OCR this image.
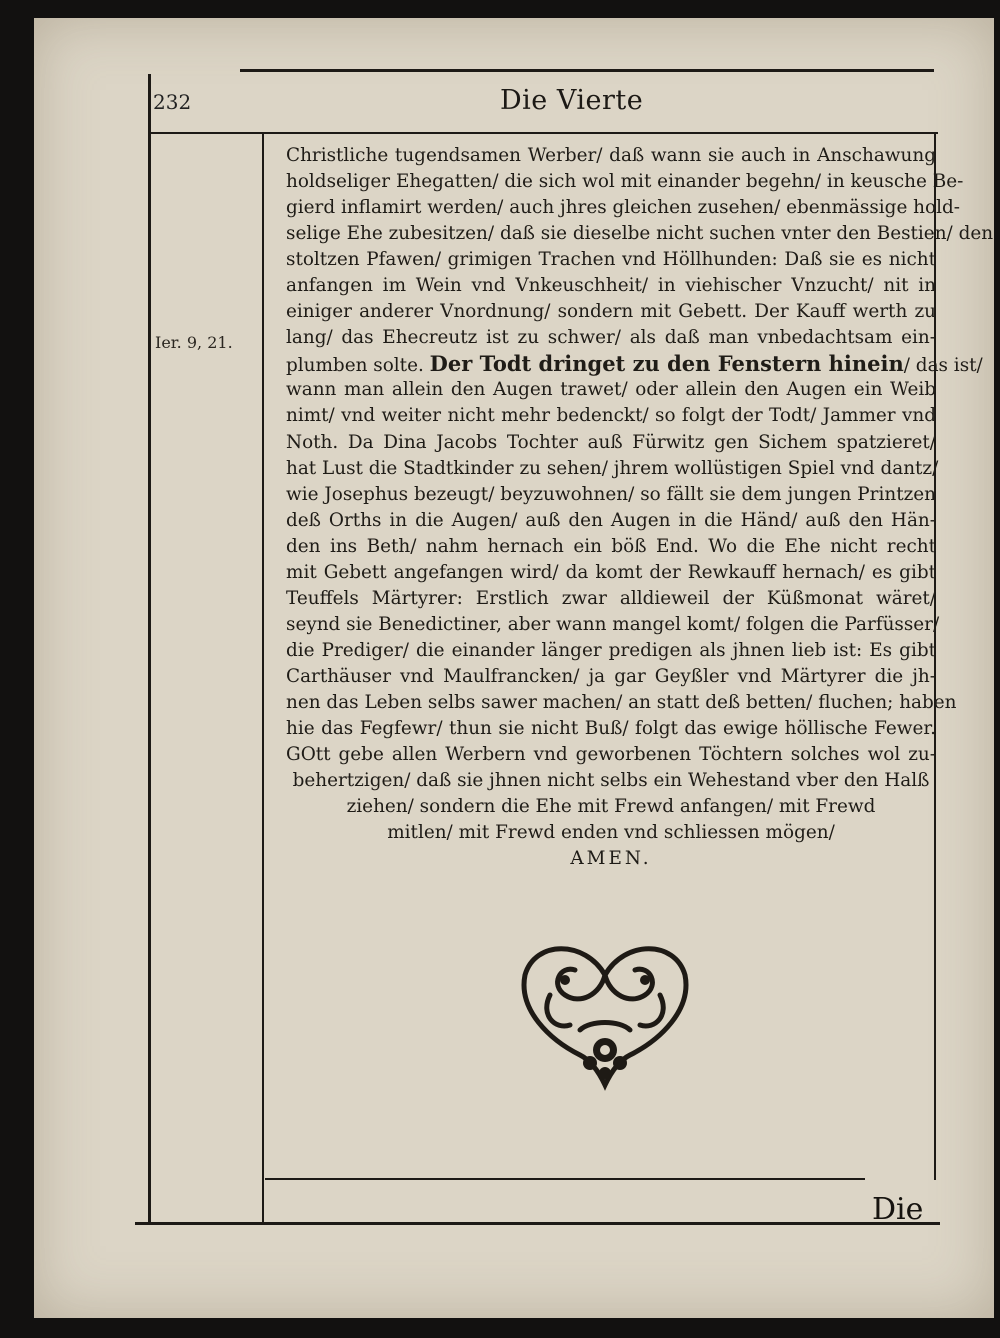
232	Die Vierte
Ier. 9, 21.
Christliche tugendsamen Werber/ daß wann sie auch in Anschawung
holdseliger Ehegatten/ die sich wol mit einander begehn/ in keusche Be-
gierd inflamirt werden/ auch jhres gleichen zusehen/ ebenmässige hold-
selige Ehe zubesitzen/ daß sie dieselbe nicht suchen vnter den Bestien/ den
stoltzen Pfawen/ grimigen Trachen vnd Höllhunden: Daß sie es nicht
anfangen im Wein vnd Vnkeuschheit/ in viehischer Vnzucht/ nit in
einiger anderer Vnordnung/ sondern mit Gebett. Der Kauff werth zu
lang/ das Ehecreutz ist zu schwer/ als daß man vnbedachtsam ein-
plumben solte. Der Todt dringet zu den Fenstern hinein/ das ist/
wann man allein den Augen trawet/ oder allein den Augen ein Weib
nimt/ vnd weiter nicht mehr bedenckt/ so folgt der Todt/ Jammer vnd
Noth. Da Dina Jacobs Tochter auß Fürwitz gen Sichem spatzieret/
hat Lust die Stadtkinder zu sehen/ jhrem wollüstigen Spiel vnd dantz/
wie Josephus bezeugt/ beyzuwohnen/ so fällt sie dem jungen Printzen
deß Orths in die Augen/ auß den Augen in die Händ/ auß den Hän-
den ins Beth/ nahm hernach ein böß End. Wo die Ehe nicht recht
mit Gebett angefangen wird/ da komt der Rewkauff hernach/ es gibt
Teuffels Märtyrer: Erstlich zwar alldieweil der Küßmonat wäret/
seynd sie Benedictiner, aber wann mangel komt/ folgen die Parfüsser/
die Prediger/ die einander länger predigen als jhnen lieb ist: Es gibt
Carthäuser vnd Maulfrancken/ ja gar Geyßler vnd Märtyrer die jh-
nen das Leben selbs sawer machen/ an statt deß betten/ fluchen; haben
hie das Fegfewr/ thun sie nicht Buß/ folgt das ewige höllische Fewer.
GOtt gebe allen Werbern vnd geworbenen Töchtern solches wol zu-
behertzigen/ daß sie jhnen nicht selbs ein Wehestand vber den Halß
ziehen/ sondern die Ehe mit Frewd anfangen/ mit Frewd
mitlen/ mit Frewd enden vnd schliessen mögen/
AMEN.
Die
